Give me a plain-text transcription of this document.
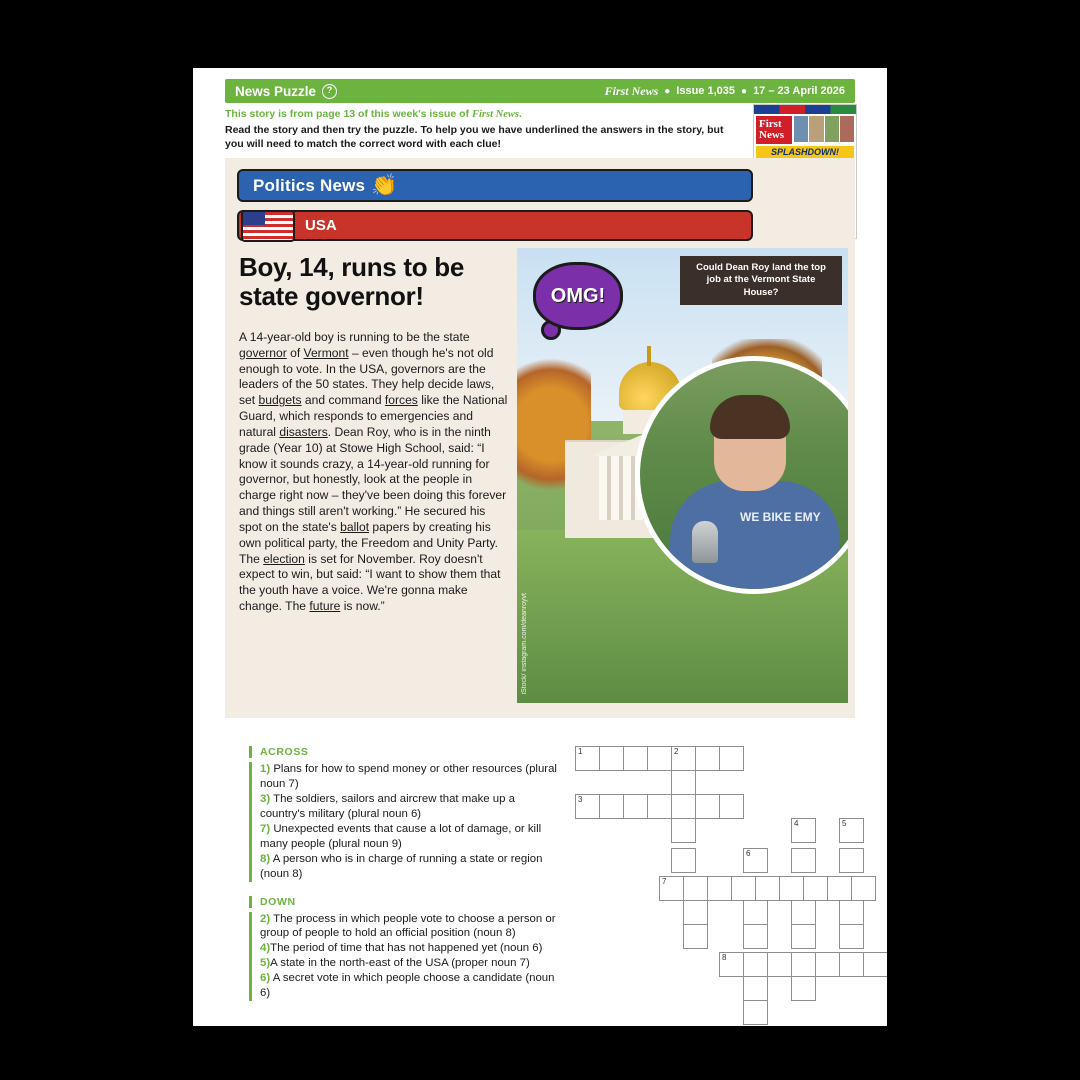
News Puzzle	?	First News ● Issue 1,035 ● 17 – 23 April 2026
This story is from page 13 of this week's issue of First News.
Read the story and then try the puzzle. To help you we have underlined the answers in the story, but you will need to match the correct word with each clue!
First News
SPLASHDOWN!
Politics News 👏
USA
Boy, 14, runs to be state governor!
A 14-year-old boy is running to be the state governor of Vermont – even though he's not old enough to vote. In the USA, governors are the leaders of the 50 states. They help decide laws, set budgets and command forces like the National Guard, which responds to emergencies and natural disasters. Dean Roy, who is in the ninth grade (Year 10) at Stowe High School, said: “I know it sounds crazy, a 14-year-old running for governor, but honestly, look at the people in charge right now – they've been doing this forever and things still aren't working.” He secured his spot on the state's ballot papers by creating his own political party, the Freedom and Unity Party. The election is set for November. Roy doesn't expect to win, but said: “I want to show them that the youth have a voice. We're gonna make change. The future is now.”
WE BIKE EMY
OMG!
Could Dean Roy land the top job at the Vermont State House?
iStock/ instagram.com/deanroyvt
ACROSS
1) Plans for how to spend money or other resources (plural noun 7)
3) The soldiers, sailors and aircrew that make up a country's military (plural noun 6)
7) Unexpected events that cause a lot of damage, or kill many people (plural noun 9)
8) A person who is in charge of running a state or region (noun 8)
DOWN
2) The process in which people vote to choose a person or group of people to hold an official position (noun 8)
4)The period of time that has not happened yet (noun 6)
5)A state in the north-east of the USA (proper noun 7)
6) A secret vote in which people choose a candidate (noun 6)
1	2
3
4	5
6
7
8
